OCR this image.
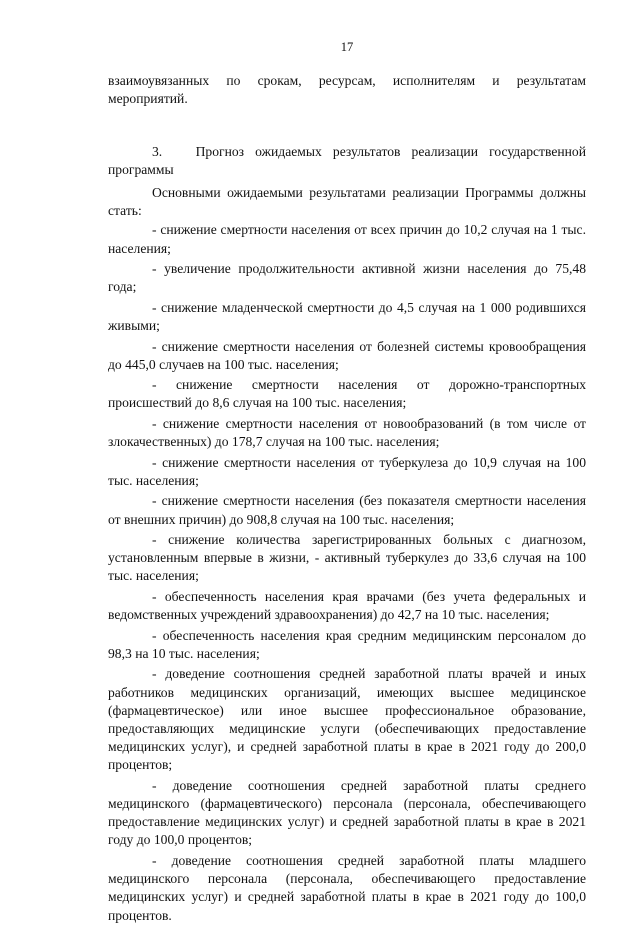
17

взаимоувязанных по срокам, ресурсам, исполнителям и результатам мероприятий.

3. Прогноз ожидаемых результатов реализации государственной программы

Основными ожидаемыми результатами реализации Программы должны стать:

- снижение смертности населения от всех причин до 10,2 случая на 1 тыс. населения;

- увеличение продолжительности активной жизни населения до 75,48 года;

- снижение младенческой смертности до 4,5 случая на 1 000 родившихся живыми;

- снижение смертности населения от болезней системы кровообращения до 445,0 случаев на 100 тыс. населения;

- снижение смертности населения от дорожно-транспортных происшествий до 8,6 случая на 100 тыс. населения;

- снижение смертности населения от новообразований (в том числе от злокачественных) до 178,7 случая на 100 тыс. населения;

- снижение смертности населения от туберкулеза до 10,9 случая на 100 тыс. населения;

- снижение смертности населения (без показателя смертности населения от внешних причин) до 908,8 случая на 100 тыс. населения;

- снижение количества зарегистрированных больных с диагнозом, установленным впервые в жизни, - активный туберкулез до 33,6 случая на 100 тыс. населения;

- обеспеченность населения края врачами (без учета федеральных и ведомственных учреждений здравоохранения) до 42,7 на 10 тыс. населения;

- обеспеченность населения края средним медицинским персоналом до 98,3 на 10 тыс. населения;

- доведение соотношения средней заработной платы врачей и иных работников медицинских организаций, имеющих высшее медицинское (фармацевтическое) или иное высшее профессиональное образование, предоставляющих медицинские услуги (обеспечивающих предоставление медицинских услуг), и средней заработной платы в крае в 2021 году до 200,0 процентов;

- доведение соотношения средней заработной платы среднего медицинского (фармацевтического) персонала (персонала, обеспечивающего предоставление медицинских услуг) и средней заработной платы в крае в 2021 году до 100,0 процентов;

- доведение соотношения средней заработной платы младшего медицинского персонала (персонала, обеспечивающего предоставление медицинских услуг) и средней заработной платы в крае в 2021 году до 100,0 процентов.
